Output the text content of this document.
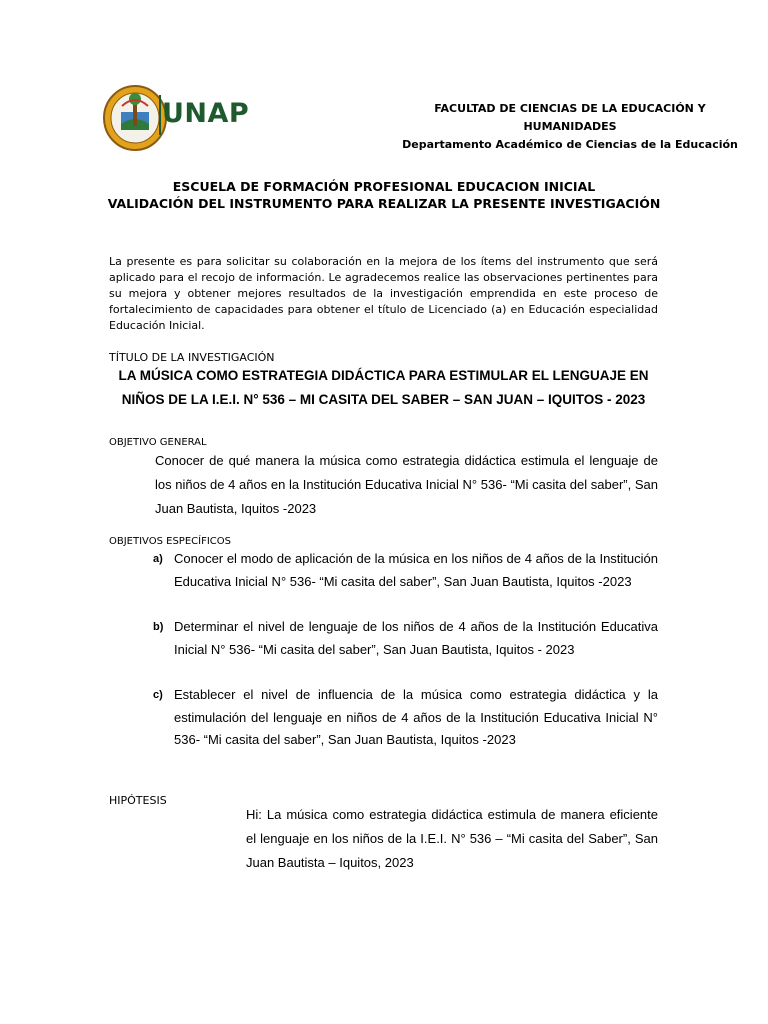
UNAP	FACULTAD DE CIENCIAS DE LA EDUCACIÓN Y
HUMANIDADES
Departamento Académico de Ciencias de la Educación
ESCUELA DE FORMACIÓN PROFESIONAL EDUCACION INICIAL
VALIDACIÓN DEL INSTRUMENTO PARA REALIZAR LA PRESENTE INVESTIGACIÓN
La presente es para solicitar su colaboración en la mejora de los ítems del instrumento que será aplicado para el recojo de información. Le agradecemos realice las observaciones pertinentes para su mejora y obtener mejores resultados de la investigación emprendida en este proceso de fortalecimiento de capacidades para obtener el título de Licenciado (a) en Educación especialidad Educación Inicial.
TÍTULO DE LA INVESTIGACIÓN
LA MÚSICA COMO ESTRATEGIA DIDÁCTICA PARA ESTIMULAR EL LENGUAJE EN NIÑOS DE LA I.E.I. N° 536 – MI CASITA DEL SABER – SAN JUAN – IQUITOS - 2023
OBJETIVO GENERAL
Conocer de qué manera la música como estrategia didáctica estimula el lenguaje de los niños de 4 años en la Institución Educativa Inicial N° 536- “Mi casita del saber”, San Juan Bautista, Iquitos -2023
OBJETIVOS ESPECÍFICOS
a) Conocer el modo de aplicación de la música en los niños de 4 años de la Institución Educativa Inicial N° 536- “Mi casita del saber”, San Juan Bautista, Iquitos -2023
b) Determinar el nivel de lenguaje de los niños de 4 años de la Institución Educativa Inicial N° 536- “Mi casita del saber”, San Juan Bautista, Iquitos - 2023
c) Establecer el nivel de influencia de la música como estrategia didáctica y la estimulación del lenguaje en niños de 4 años de la Institución Educativa Inicial N° 536- “Mi casita del saber”, San Juan Bautista, Iquitos -2023
HIPÓTESIS
Hi: La música como estrategia didáctica estimula de manera eficiente el lenguaje en los niños de la I.E.I. N° 536 – “Mi casita del Saber”, San Juan Bautista – Iquitos, 2023
